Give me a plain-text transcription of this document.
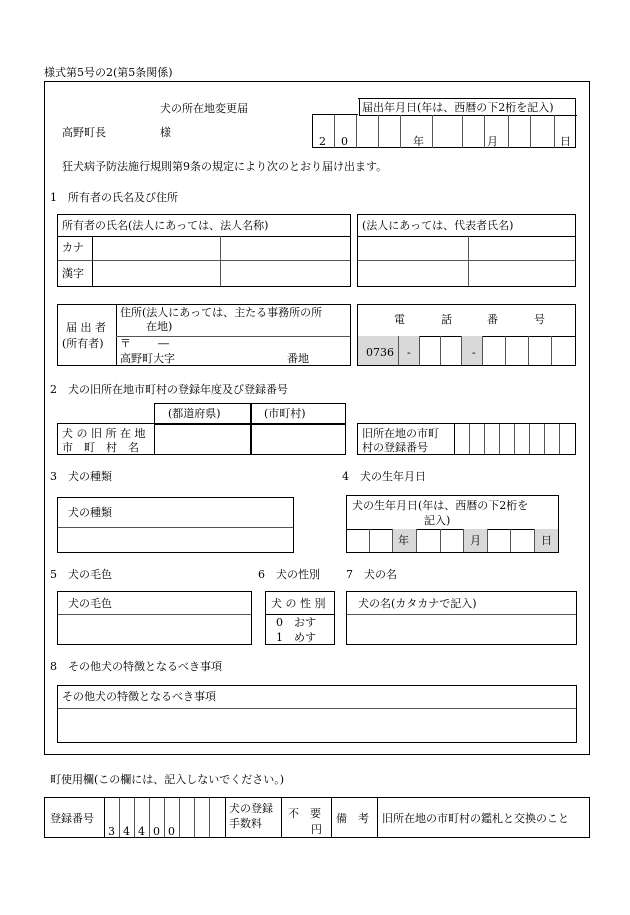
様式第5号の2(第5条関係)
犬の所在地変更届
高野町長	様
届出年月日(年は、西暦の下2桁を記入)
2 0	年	月	日
狂犬病予防法施行規則第9条の規定により次のとおり届け出ます。
1　所有者の氏名及び住所
所有者の氏名(法人にあっては、法人名称)
カナ
漢字
(法人にあっては、代表者氏名)
届 出 者
(所有者)
住所(法人にあっては、主たる事務所の所
在地)
〒 ―
高野町大字	番地
電	話	番	号
0736 -	-
2　犬の旧所在地市町村の登録年度及び登録番号
(都道府県)	(市町村)
犬 の 旧 所 在 地
市　町　村　名
旧所在地の市町
村の登録番号
3　犬の種類	4　犬の生年月日
犬の種類
犬の生年月日(年は、西暦の下2桁を
記入)
年	月	日
5　犬の毛色	6　犬の性別 7　犬の名
犬の毛色	犬 の 性 別
0　おす
1　めす
犬の名(カタカナで記入)
8　その他犬の特徴となるべき事項
その他犬の特徴となるべき事項
町使用欄(この欄には、記入しないでください。)
登録番号
3 4 4 0 0
犬の登録
手数料
不　要
円
備　考 旧所在地の市町村の鑑札と交換のこと
